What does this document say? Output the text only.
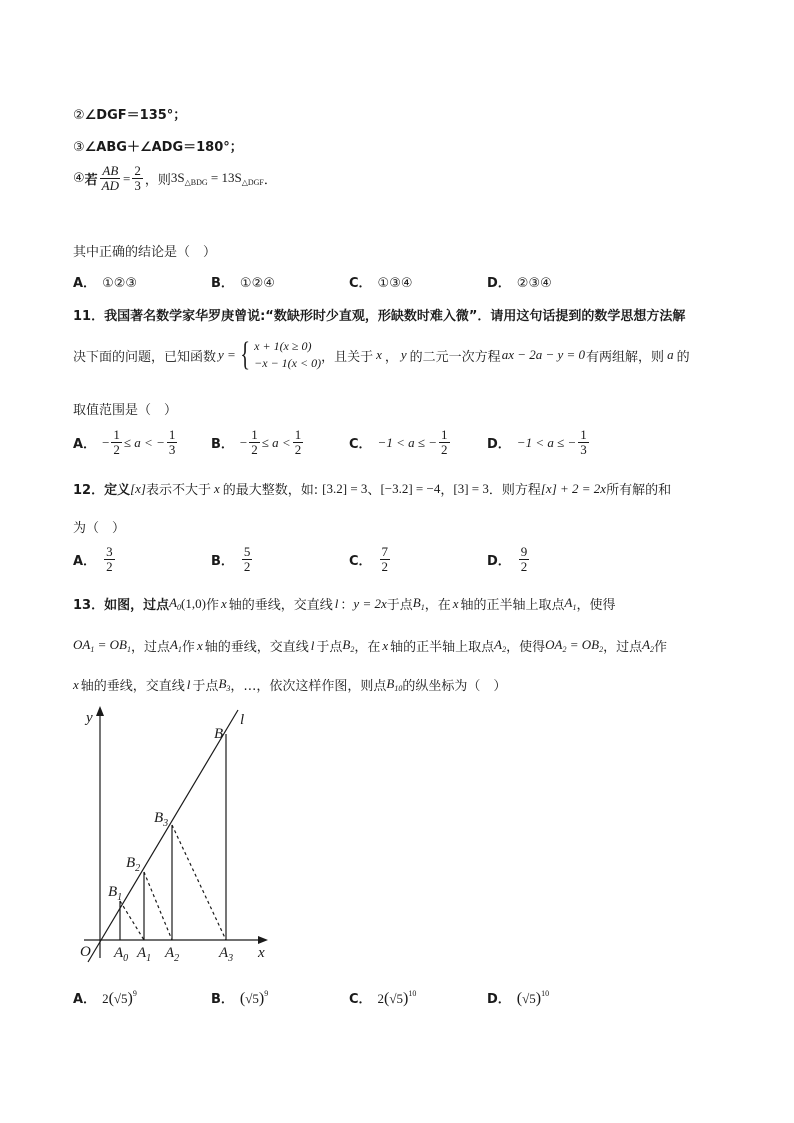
②∠DGF＝135°；
③∠ABG＋∠ADG＝180°；
④ 若 $\frac{AB}{AD} = \frac{2}{3}$ ，则 $3S_{\triangle BDG} = 13S_{\triangle DGF}$ ．
其中正确的结论是（　）
A． ①②③	B． ①②④	C． ①③④	D． ②③④
11．我国著名数学家华罗庚曾说:“数缺形时少直观，形缺数时难入微”．请用这句话提到的数学思想方法解
决下面的问题，已知函数 y = { x + 1(x ≥ 0)
−x − 1(x < 0) ，且关于 x ， y 的二元一次方程 ax − 2a − y = 0 有两组解，则 a 的
取值范围是（　）
A． − $\frac{1}{2} \le a$ < − $\frac{1}{3}$	B． − $\frac{1}{2} \le a < \frac{1}{2}$	C． −1 < a ≤ − $\frac{1}{2}$	D． −1 < a ≤ − $\frac{1}{3}$
12．定义 [x] 表示不大于 x 的最大整数，如: [3.2] = 3 、 [−3.2] = −4 ， [3] = 3 ．则方程 [x] + 2 = 2x 所有解的和
为（　）
A． $\frac{3}{2}$	B． $\frac{5}{2}$	C． $\frac{7}{2}$	D． $\frac{9}{2}$
13．如图，过点 $A_0$ (1,0) 作 x 轴的垂线，交直线 l ： y = 2x 于点 $B_1$ ，在 x 轴的正半轴上取点 $A_1$ ，使得
$OA_1 = OB_1$ ，过点 $A_1$ 作 x 轴的垂线，交直线 l 于点 $B_2$ ，在 x 轴的正半轴上取点 $A_2$ ，使得 $OA_2 = OB_2$ ，过点 $A_2$ 作
x 轴的垂线，交直线 l 于点 $B_3$ ，…，依次这样作图，则点 $B_{10}$ 的纵坐标为（　）
y
x
O
l
B
$B_3$
$B_2$
$B_1$
$A_0$ $A_1$ $A_2$	$A_3$
A． $2(√5)^9$	B． $(√5)^9$	C． $2(√5)^{10}$	D． $(√5)^{10}$
